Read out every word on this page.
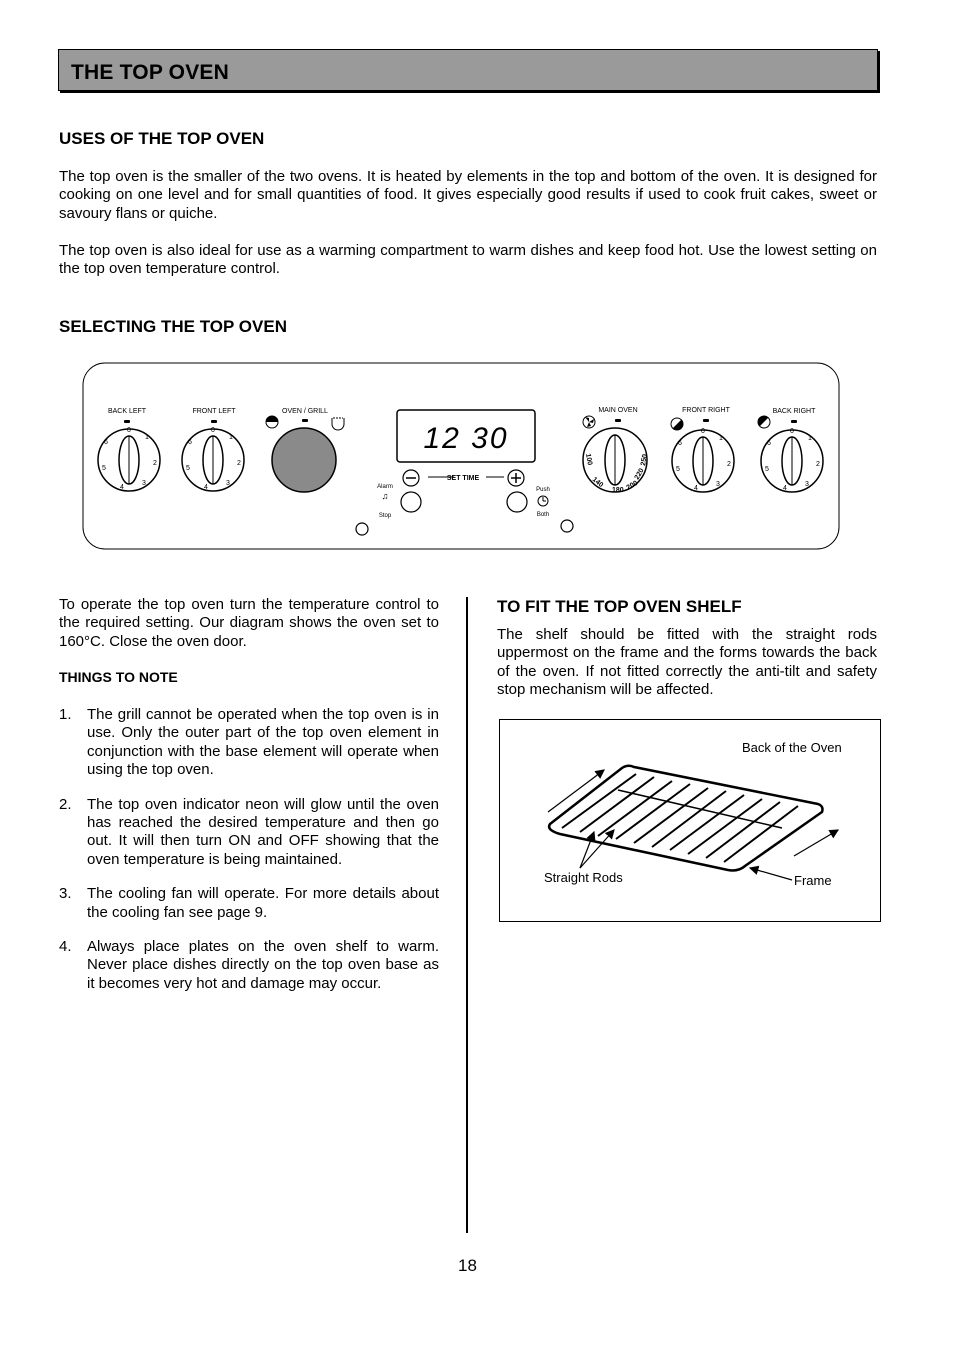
THE TOP OVEN
USES OF THE TOP OVEN

The top oven is the smaller of the two ovens. It is heated by elements in the top and bottom of the oven. It is designed for cooking on one level and for small quantities of food. It gives especially good results if used to cook fruit cakes, sweet or savoury flans or quiche.

The top oven is also ideal for use as a warming compartment to warm dishes and keep food hot. Use the lowest setting on the top oven temperature control.

SELECTING THE TOP OVEN
BACK LEFT	FRONT LEFT	OVEN / GRILL	MAIN OVEN	FRONT RIGHT	BACK RIGHT
0
1
2
3
4
5
6
0
1
2
3
4
5
6
0
1
2
3
4
5
6
0
1
2
3
4
5
6
12 30
SET TIME
Alarm
♫
Stop
Push
Both
100
140
180 200
220
250

To operate the top oven turn the temperature control to the required setting. Our diagram shows the oven set to 160°C. Close the oven door.

THINGS TO NOTE
1. The grill cannot be operated when the top oven is in use. Only the outer part of the top oven element in conjunction with the base element will operate when using the top oven.
2. The top oven indicator neon will glow until the oven has reached the desired temperature and then go out. It will then turn ON and OFF showing that the oven temperature is being maintained.
3. The cooling fan will operate. For more details about the cooling fan see page 9.
4. Always place plates on the oven shelf to warm. Never place dishes directly on the top oven base as it becomes very hot and damage may occur.
TO FIT THE TOP OVEN SHELF

The shelf should be fitted with the straight rods uppermost on the frame and the forms towards the back of the oven. If not fitted correctly the anti-tilt and safety stop mechanism will be affected.

Back of the Oven
Straight Rods	Frame
18
